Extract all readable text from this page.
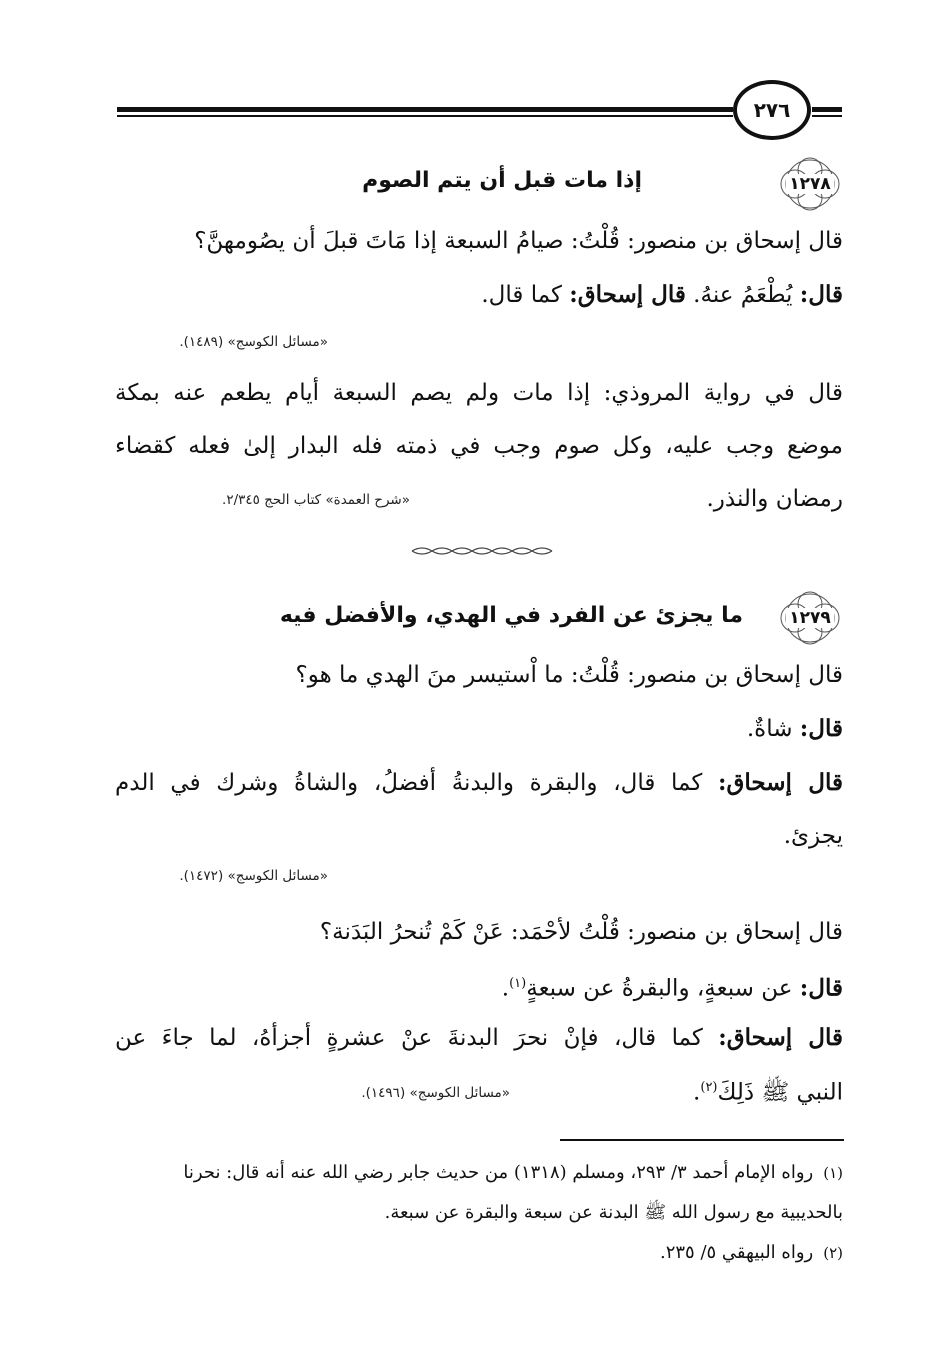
٢٧٦
١٢٧٨
إذا مات قبل أن يتم الصوم
قال إسحاق بن منصور: قُلْتُ: صيامُ السبعة إذا مَاتَ قبلَ أن يصُومهنَّ؟
قال: يُطْعَمُ عنهُ. قال إسحاق: كما قال.
«مسائل الكوسج» (١٤٨٩).
قال في رواية المروذي: إذا مات ولم يصم السبعة أيام يطعم عنه بمكة
موضع وجب عليه، وكل صوم وجب في ذمته فله البدار إلىٰ فعله كقضاء
رمضان والنذر.
«شرح العمدة» كتاب الحج ٢/٣٤٥.
١٢٧٩
ما يجزئ عن الفرد في الهدي، والأفضل فيه
قال إسحاق بن منصور: قُلْتُ: ما اْستيسر منَ الهدي ما هو؟
قال: شاةٌ.
قال إسحاق: كما قال، والبقرة والبدنةُ أفضلُ، والشاةُ وشرك في الدم
يجزئ.
«مسائل الكوسج» (١٤٧٢).
قال إسحاق بن منصور: قُلْتُ لأحْمَد: عَنْ كَمْ تُنحرُ البَدَنة؟
قال: عن سبعةٍ، والبقرةُ عن سبعةٍ$^{(١)}$.
قال إسحاق: كما قال، فإنْ نحرَ البدنةَ عنْ عشرةٍ أجزأهُ، لما جاءَ عن
النبي ﷺ ذَلِكَ$^{(٢)}$.
«مسائل الكوسج» (١٤٩٦).
(١)رواه الإمام أحمد ٣/ ٢٩٣، ومسلم (١٣١٨) من حديث جابر رضي الله عنه أنه قال: نحرنا
بالحديبية مع رسول الله ﷺ البدنة عن سبعة والبقرة عن سبعة.
(٢)رواه البيهقي ٥/ ٢٣٥.
